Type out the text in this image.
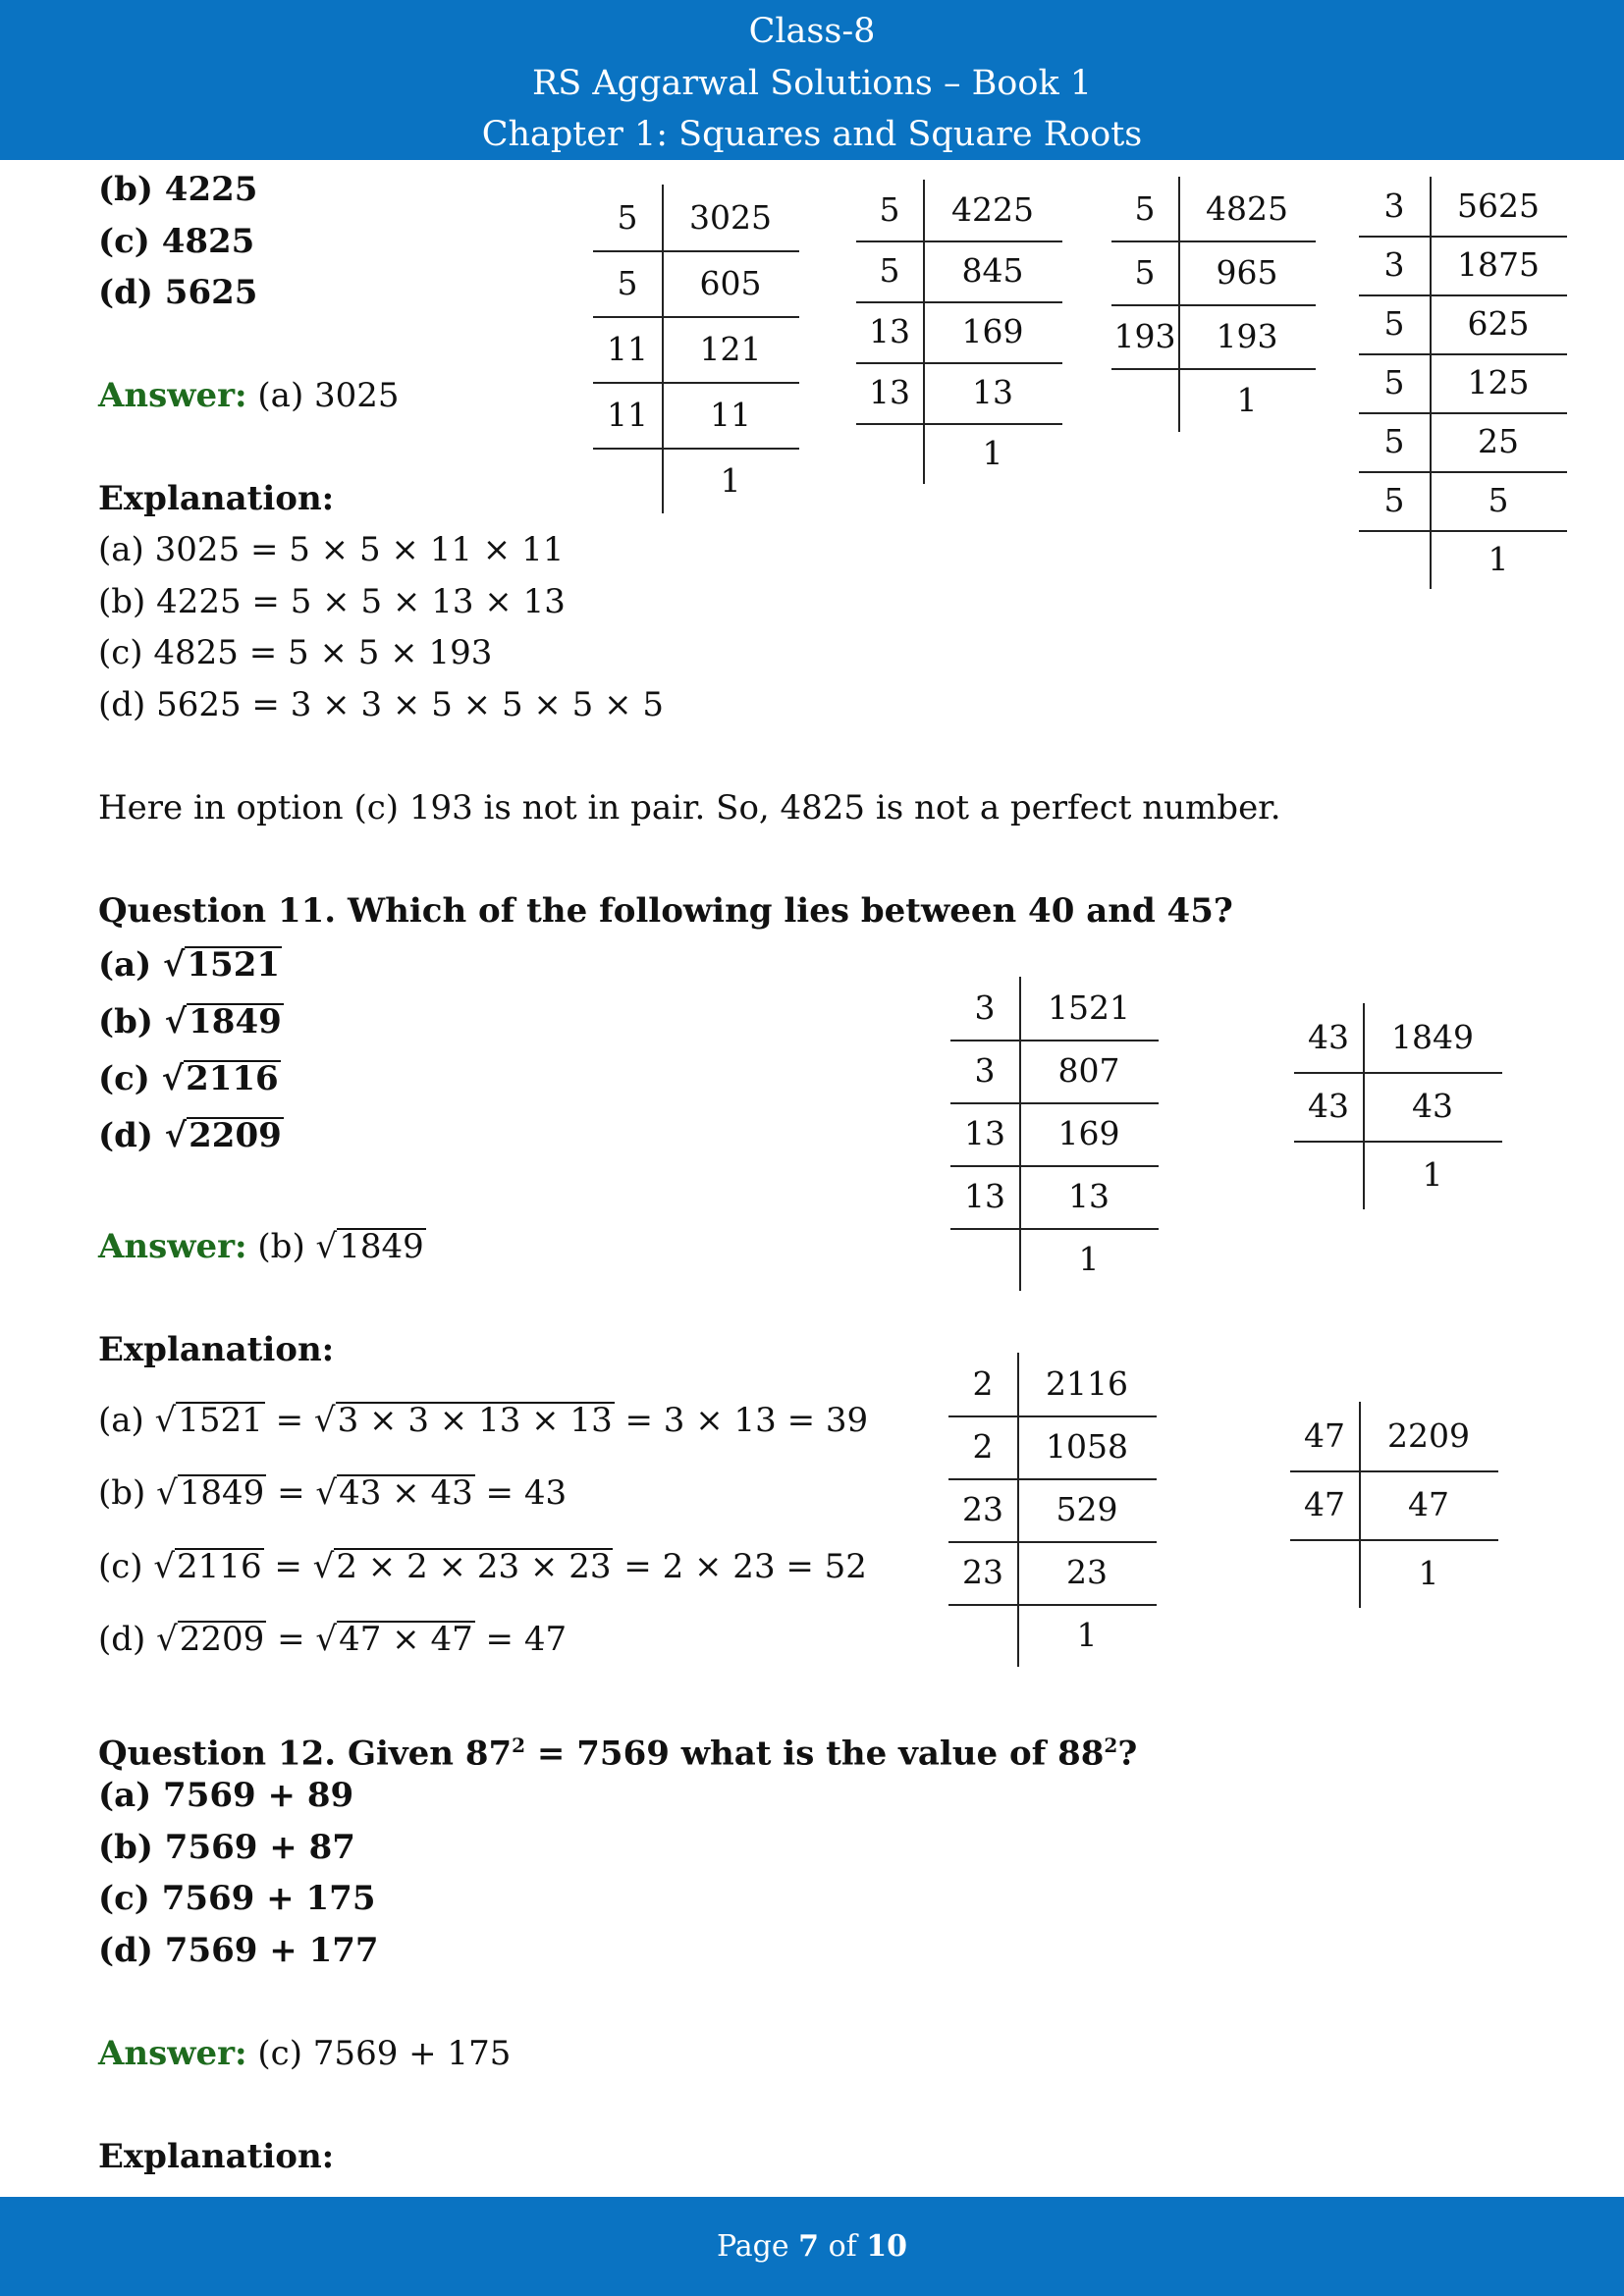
Class-8
RS Aggarwal Solutions – Book 1
Chapter 1: Squares and Square Roots
(b) 4225
(c) 4825
(d) 5625
Answer: (a) 3025
Explanation:
(a) 3025 = 5 × 5 × 11 × 11
(b) 4225 = 5 × 5 × 13 × 13
(c) 4825 = 5 × 5 × 193
(d) 5625 = 3 × 3 × 5 × 5 × 5 × 5
Here in option (c) 193 is not in pair. So, 4825 is not a perfect number.
5	3025
5	605
11	121
11	11
1
5	4225
5	845
13	169
13	13
1
5	4825
5	965
193	193
1
3	5625
3	1875
5	625
5	125
5	25
5	5
1
Question 11. Which of the following lies between 40 and 45?
(a) √1521
(b) √1849
(c) √2116
(d) √2209
Answer: (b) √1849
Explanation:
(a) √1521 = √3 × 3 × 13 × 13 = 3 × 13 = 39
(b) √1849 = √43 × 43 = 43
(c) √2116 = √2 × 2 × 23 × 23 = 2 × 23 = 52
(d) √2209 = √47 × 47 = 47
3	1521
3	807
13	169
13	13
1
43	1849
43	43
1
2	2116
2	1058
23	529
23	23
1
47	2209
47	47
1
Question 12. Given $87^2 = 7569$ what is the value of $88^2$?
(a) 7569 + 89
(b) 7569 + 87
(c) 7569 + 175
(d) 7569 + 177
Answer: (c) 7569 + 175
Explanation:
Page 7 of 10
